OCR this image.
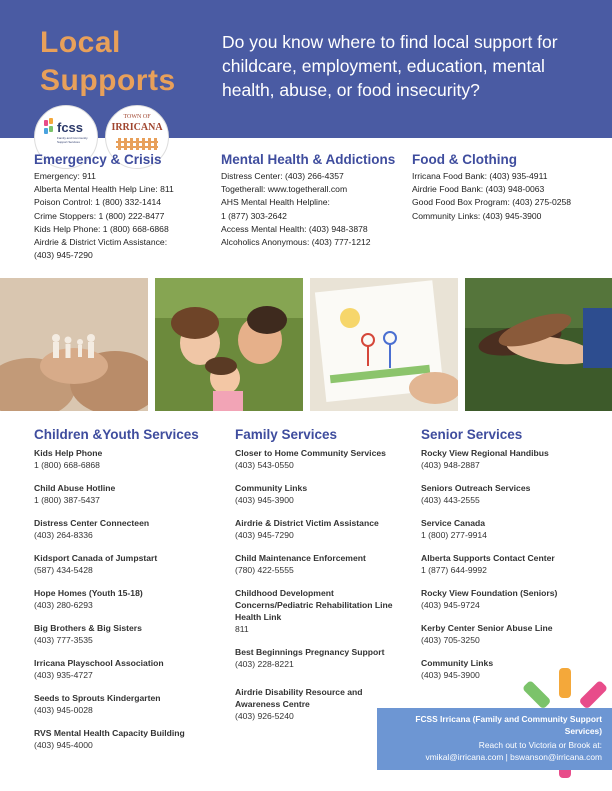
Local
Supports
Do you know where to find local support for childcare, employment, education, mental health, abuse, or food insecurity?
fcss
Family and Community Support Services
TOWN OF
IRRICANA
Emergency & Crisis
Emergency: 911
Alberta Mental Health Help Line: 811
Poison Control: 1 (800) 332-1414
Crime Stoppers: 1 (800) 222-8477
Kids Help Phone: 1 (800) 668-6868
Airdrie & District Victim Assistance:
(403) 945-7290
Mental Health & Addictions
Distress Center: (403) 266-4357
Togetherall: www.togetherall.com
AHS Mental Health Helpline:
1 (877) 303-2642
Access Mental Health: (403) 948-3878
Alcoholics Anonymous: (403) 777-1212
Food & Clothing
Irricana Food Bank: (403) 935-4911
Airdrie Food Bank: (403) 948-0063
Good Food Box Program: (403) 275-0258
Community Links: (403) 945-3900
Children &Youth Services
Kids Help Phone
1 (800) 668-6868
Child Abuse Hotline
1 (800) 387-5437
Distress Center Connecteen
(403) 264-8336
Kidsport Canada of Jumpstart
(587) 434-5428
Hope Homes (Youth 15-18)
(403) 280-6293
Big Brothers & Big Sisters
(403) 777-3535
Irricana Playschool Association
(403) 935-4727
Seeds to Sprouts Kindergarten
(403) 945-0028
RVS Mental Health Capacity Building
(403) 945-4000
Family Services
Closer to Home Community Services
(403) 543-0550
Community Links
(403) 945-3900
Airdrie & District Victim Assistance
(403) 945-7290
Child Maintenance Enforcement
(780) 422-5555
Childhood Development Concerns/Pediatric Rehabilitation Line Health Link
811
Best Beginnings Pregnancy Support
(403) 228-8221
Airdrie Disability Resource and Awareness Centre
(403) 926-5240
Senior Services
Rocky View Regional Handibus
(403) 948-2887
Seniors Outreach Services
(403) 443-2555
Service Canada
1 (800) 277-9914
Alberta Supports Contact Center
1 (877) 644-9992
Rocky View Foundation (Seniors)
(403) 945-9724
Kerby Center Senior Abuse Line
(403) 705-3250
Community Links
(403) 945-3900
FCSS Irricana (Family and Community Support Services)
Reach out to Victoria or Brook at:
vmikal@irricana.com | bswanson@irricana.com
